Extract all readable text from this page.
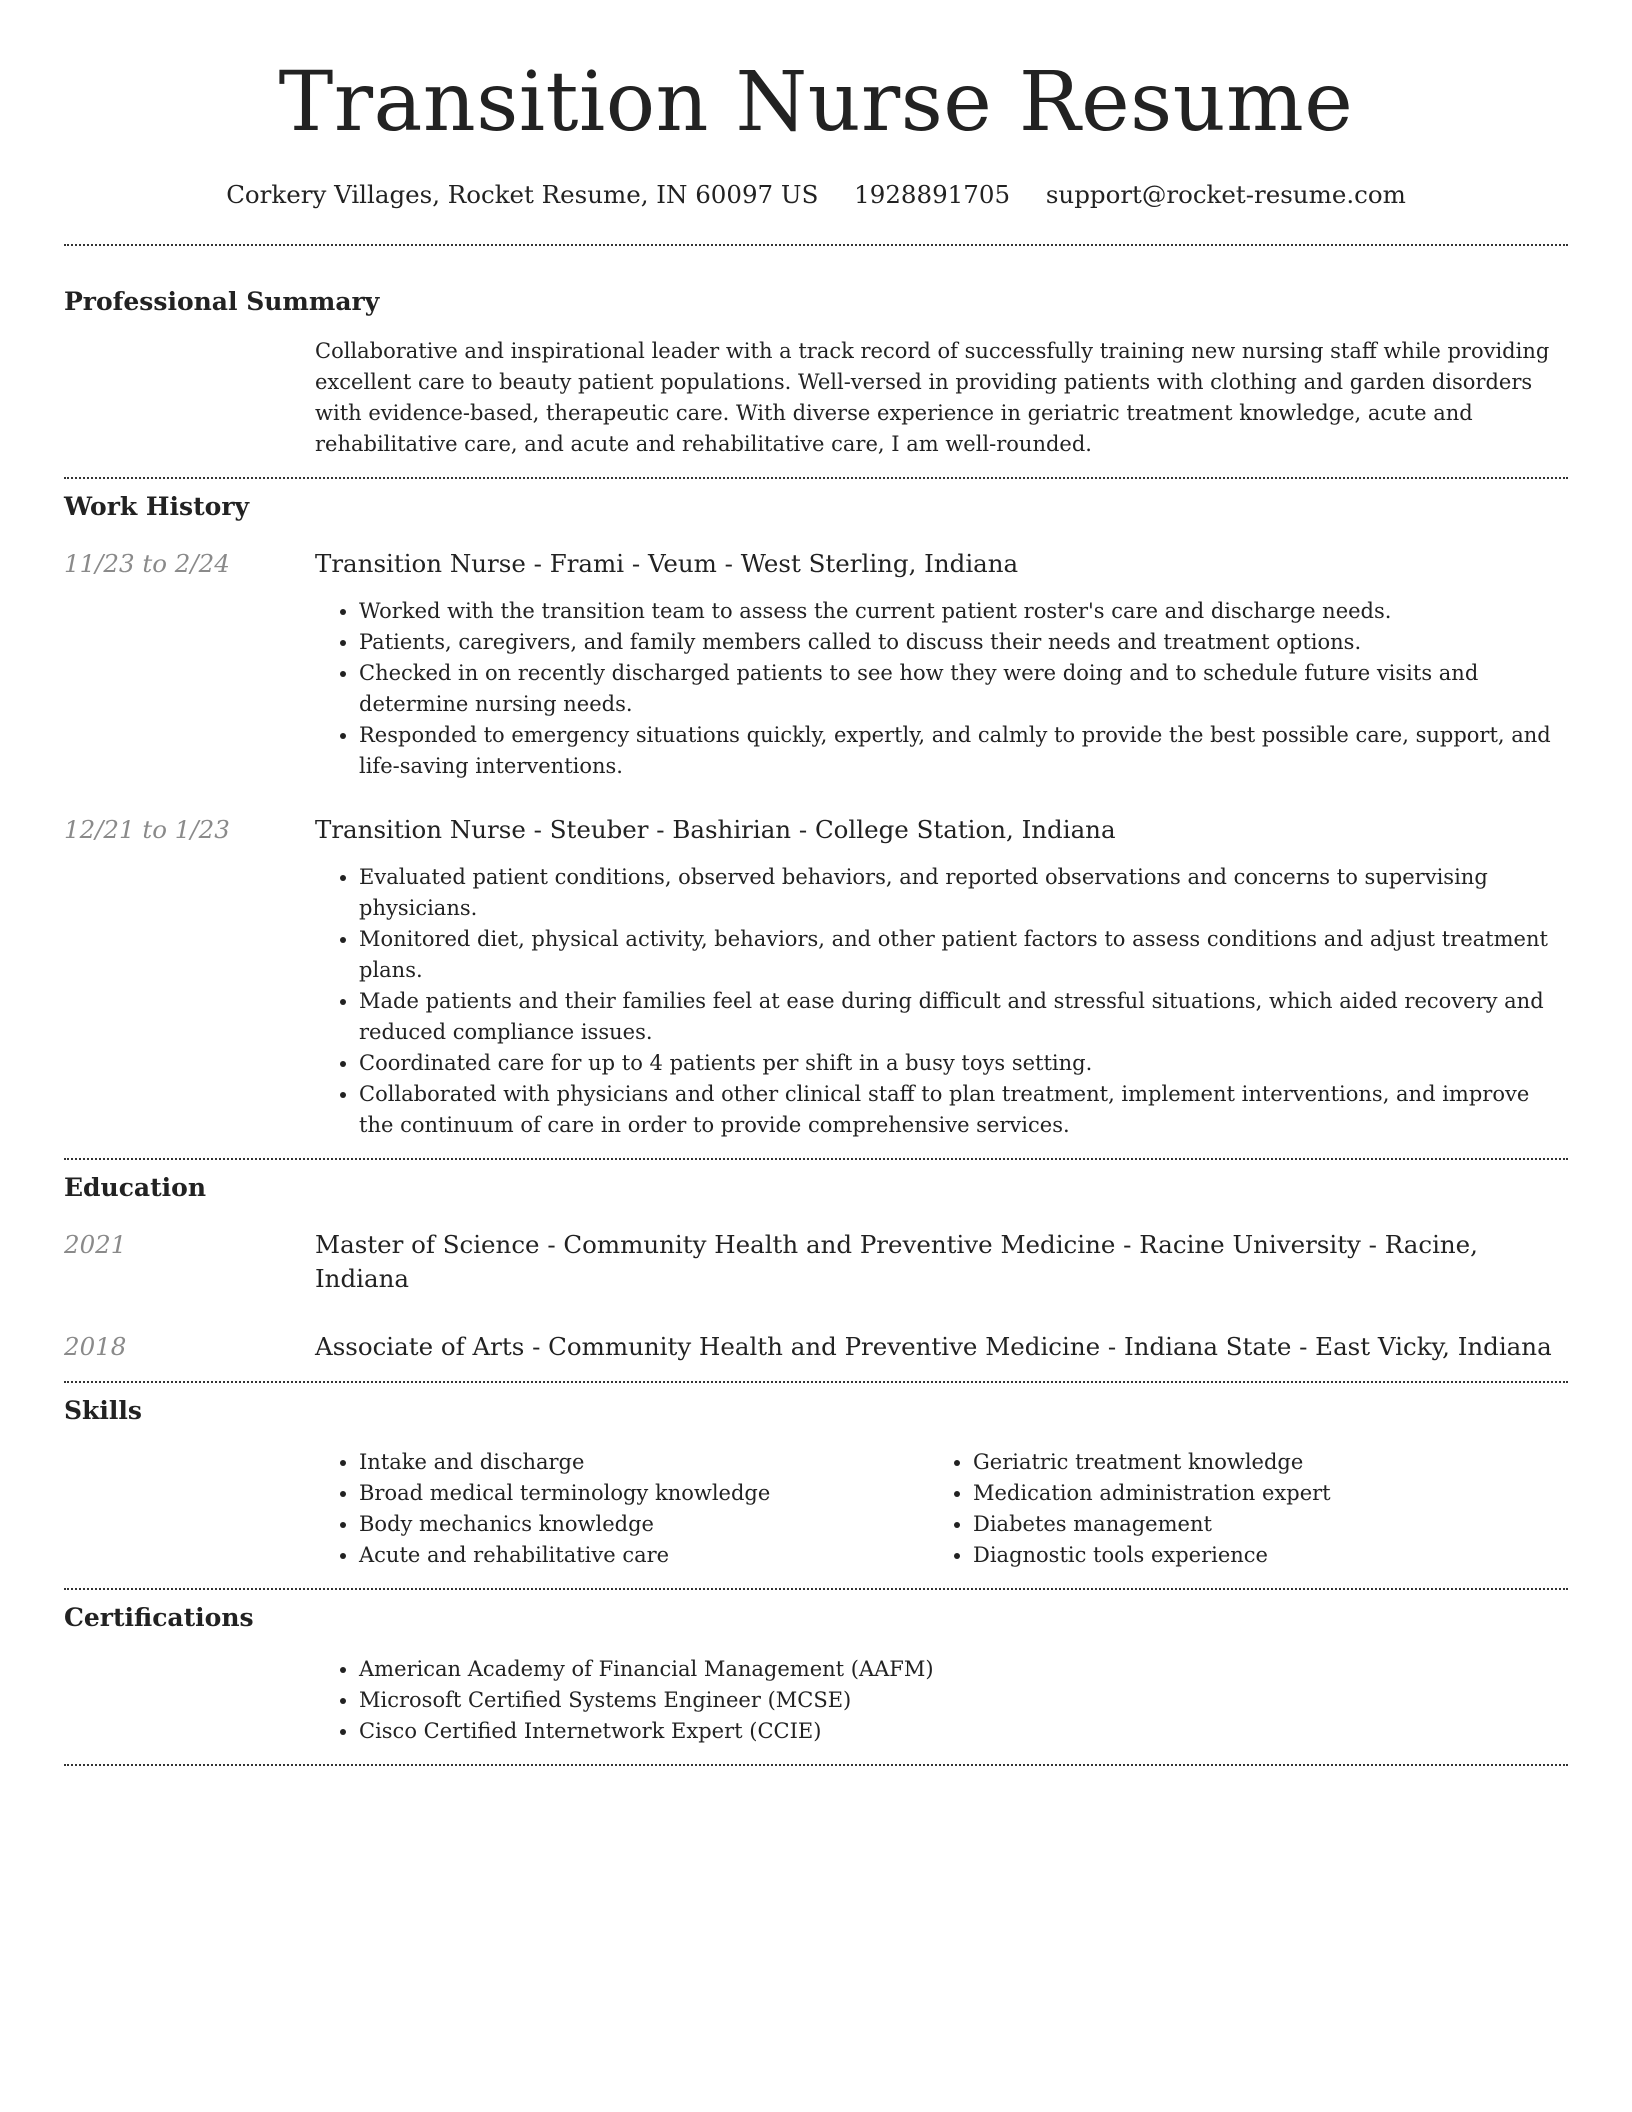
Transition Nurse Resume
Corkery Villages, Rocket Resume, IN 60097 US 1928891705 support@rocket-resume.com
Professional Summary

Collaborative and inspirational leader with a track record of successfully training new nursing staff while providing excellent care to beauty patient populations. Well-versed in providing patients with clothing and garden disorders with evidence-based, therapeutic care. With diverse experience in geriatric treatment knowledge, acute and rehabilitative care, and acute and rehabilitative care, I am well-rounded.

Work History
11/23 to 2/24	Transition Nurse - Frami - Veum - West Sterling, Indiana
• Worked with the transition team to assess the current patient roster's care and discharge needs.
• Patients, caregivers, and family members called to discuss their needs and treatment options.
• Checked in on recently discharged patients to see how they were doing and to schedule future visits and determine nursing needs.
• Responded to emergency situations quickly, expertly, and calmly to provide the best possible care, support, and life-saving interventions.
12/21 to 1/23	Transition Nurse - Steuber - Bashirian - College Station, Indiana
• Evaluated patient conditions, observed behaviors, and reported observations and concerns to supervising physicians.
• Monitored diet, physical activity, behaviors, and other patient factors to assess conditions and adjust treatment plans.
• Made patients and their families feel at ease during difficult and stressful situations, which aided recovery and reduced compliance issues.
• Coordinated care for up to 4 patients per shift in a busy toys setting.
• Collaborated with physicians and other clinical staff to plan treatment, implement interventions, and improve the continuum of care in order to provide comprehensive services.
Education
2021	Master of Science - Community Health and Preventive Medicine - Racine University - Racine, Indiana
2018	Associate of Arts - Community Health and Preventive Medicine - Indiana State - East Vicky, Indiana
Skills
• Intake and discharge
• Broad medical terminology knowledge
• Body mechanics knowledge
• Acute and rehabilitative care
• Geriatric treatment knowledge
• Medication administration expert
• Diabetes management
• Diagnostic tools experience
Certifications
• American Academy of Financial Management (AAFM)
• Microsoft Certified Systems Engineer (MCSE)
• Cisco Certified Internetwork Expert (CCIE)
